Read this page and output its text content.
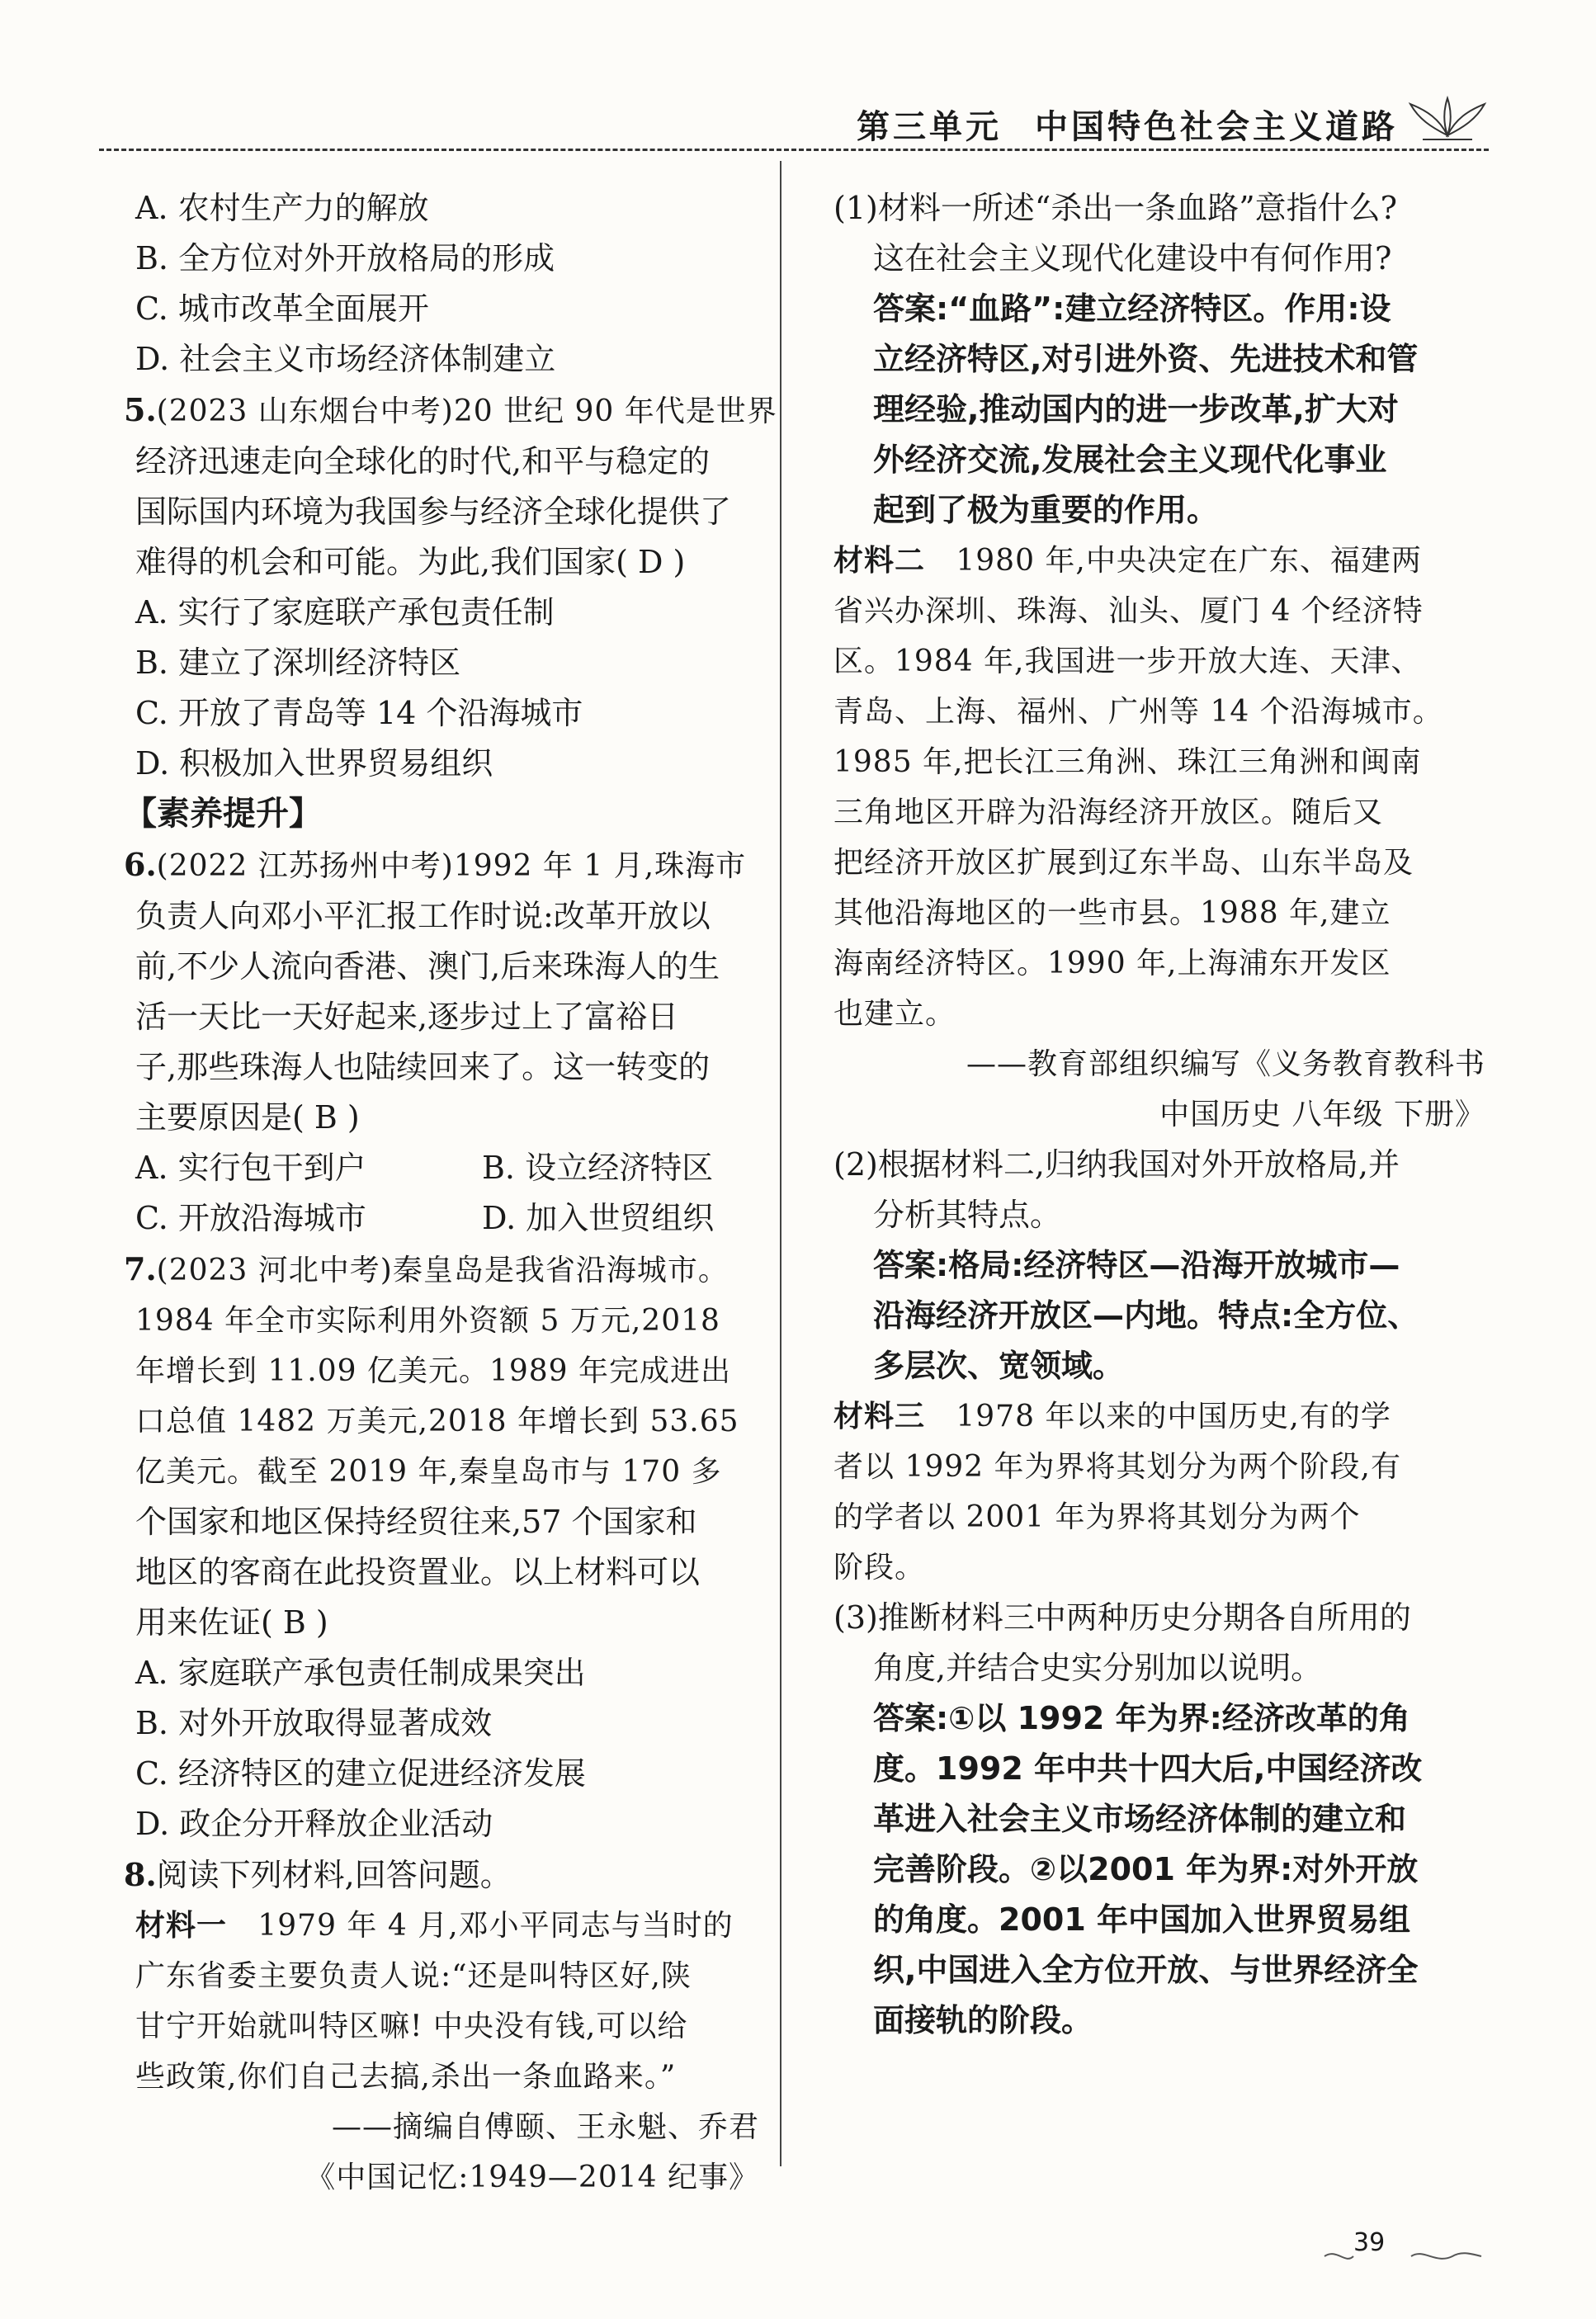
第三单元 中国特色社会主义道路
A. 农村生产力的解放
B. 全方位对外开放格局的形成
C. 城市改革全面展开
D. 社会主义市场经济体制建立
5.(2023 山东烟台中考)20 世纪 90 年代是世界
经济迅速走向全球化的时代,和平与稳定的
国际国内环境为我国参与经济全球化提供了
难得的机会和可能。为此,我们国家( D )
A. 实行了家庭联产承包责任制
B. 建立了深圳经济特区
C. 开放了青岛等 14 个沿海城市
D. 积极加入世界贸易组织
【素养提升】
6.(2022 江苏扬州中考)1992 年 1 月,珠海市
负责人向邓小平汇报工作时说:改革开放以
前,不少人流向香港、澳门,后来珠海人的生
活一天比一天好起来,逐步过上了富裕日
子,那些珠海人也陆续回来了。这一转变的
主要原因是( B )
A. 实行包干到户	B. 设立经济特区
C. 开放沿海城市	D. 加入世贸组织
7.(2023 河北中考)秦皇岛是我省沿海城市。
1984 年全市实际利用外资额 5 万元,2018
年增长到 11.09 亿美元。1989 年完成进出
口总值 1482 万美元,2018 年增长到 53.65
亿美元。截至 2019 年,秦皇岛市与 170 多
个国家和地区保持经贸往来,57 个国家和
地区的客商在此投资置业。以上材料可以
用来佐证( B )
A. 家庭联产承包责任制成果突出
B. 对外开放取得显著成效
C. 经济特区的建立促进经济发展
D. 政企分开释放企业活动
8.阅读下列材料,回答问题。
材料一 1979 年 4 月,邓小平同志与当时的
广东省委主要负责人说:“还是叫特区好,陕
甘宁开始就叫特区嘛! 中央没有钱,可以给
些政策,你们自己去搞,杀出一条血路来。”
——摘编自傅颐、王永魁、乔君
《中国记忆:1949—2014 纪事》
(1)材料一所述“杀出一条血路”意指什么?
这在社会主义现代化建设中有何作用?
答案:“血路”:建立经济特区。作用:设
立经济特区,对引进外资、先进技术和管
理经验,推动国内的进一步改革,扩大对
外经济交流,发展社会主义现代化事业
起到了极为重要的作用。
材料二 1980 年,中央决定在广东、福建两
省兴办深圳、珠海、汕头、厦门 4 个经济特
区。1984 年,我国进一步开放大连、天津、
青岛、上海、福州、广州等 14 个沿海城市。
1985 年,把长江三角洲、珠江三角洲和闽南
三角地区开辟为沿海经济开放区。随后又
把经济开放区扩展到辽东半岛、山东半岛及
其他沿海地区的一些市县。1988 年,建立
海南经济特区。1990 年,上海浦东开发区
也建立。
——教育部组织编写《义务教育教科书
中国历史 八年级 下册》
(2)根据材料二,归纳我国对外开放格局,并
分析其特点。
答案:格局:经济特区—沿海开放城市—
沿海经济开放区—内地。特点:全方位、
多层次、宽领域。
材料三 1978 年以来的中国历史,有的学
者以 1992 年为界将其划分为两个阶段,有
的学者以 2001 年为界将其划分为两个
阶段。
(3)推断材料三中两种历史分期各自所用的
角度,并结合史实分别加以说明。
答案:①以 1992 年为界:经济改革的角
度。1992 年中共十四大后,中国经济改
革进入社会主义市场经济体制的建立和
完善阶段。②以2001 年为界:对外开放
的角度。2001 年中国加入世界贸易组
织,中国进入全方位开放、与世界经济全
面接轨的阶段。
39
